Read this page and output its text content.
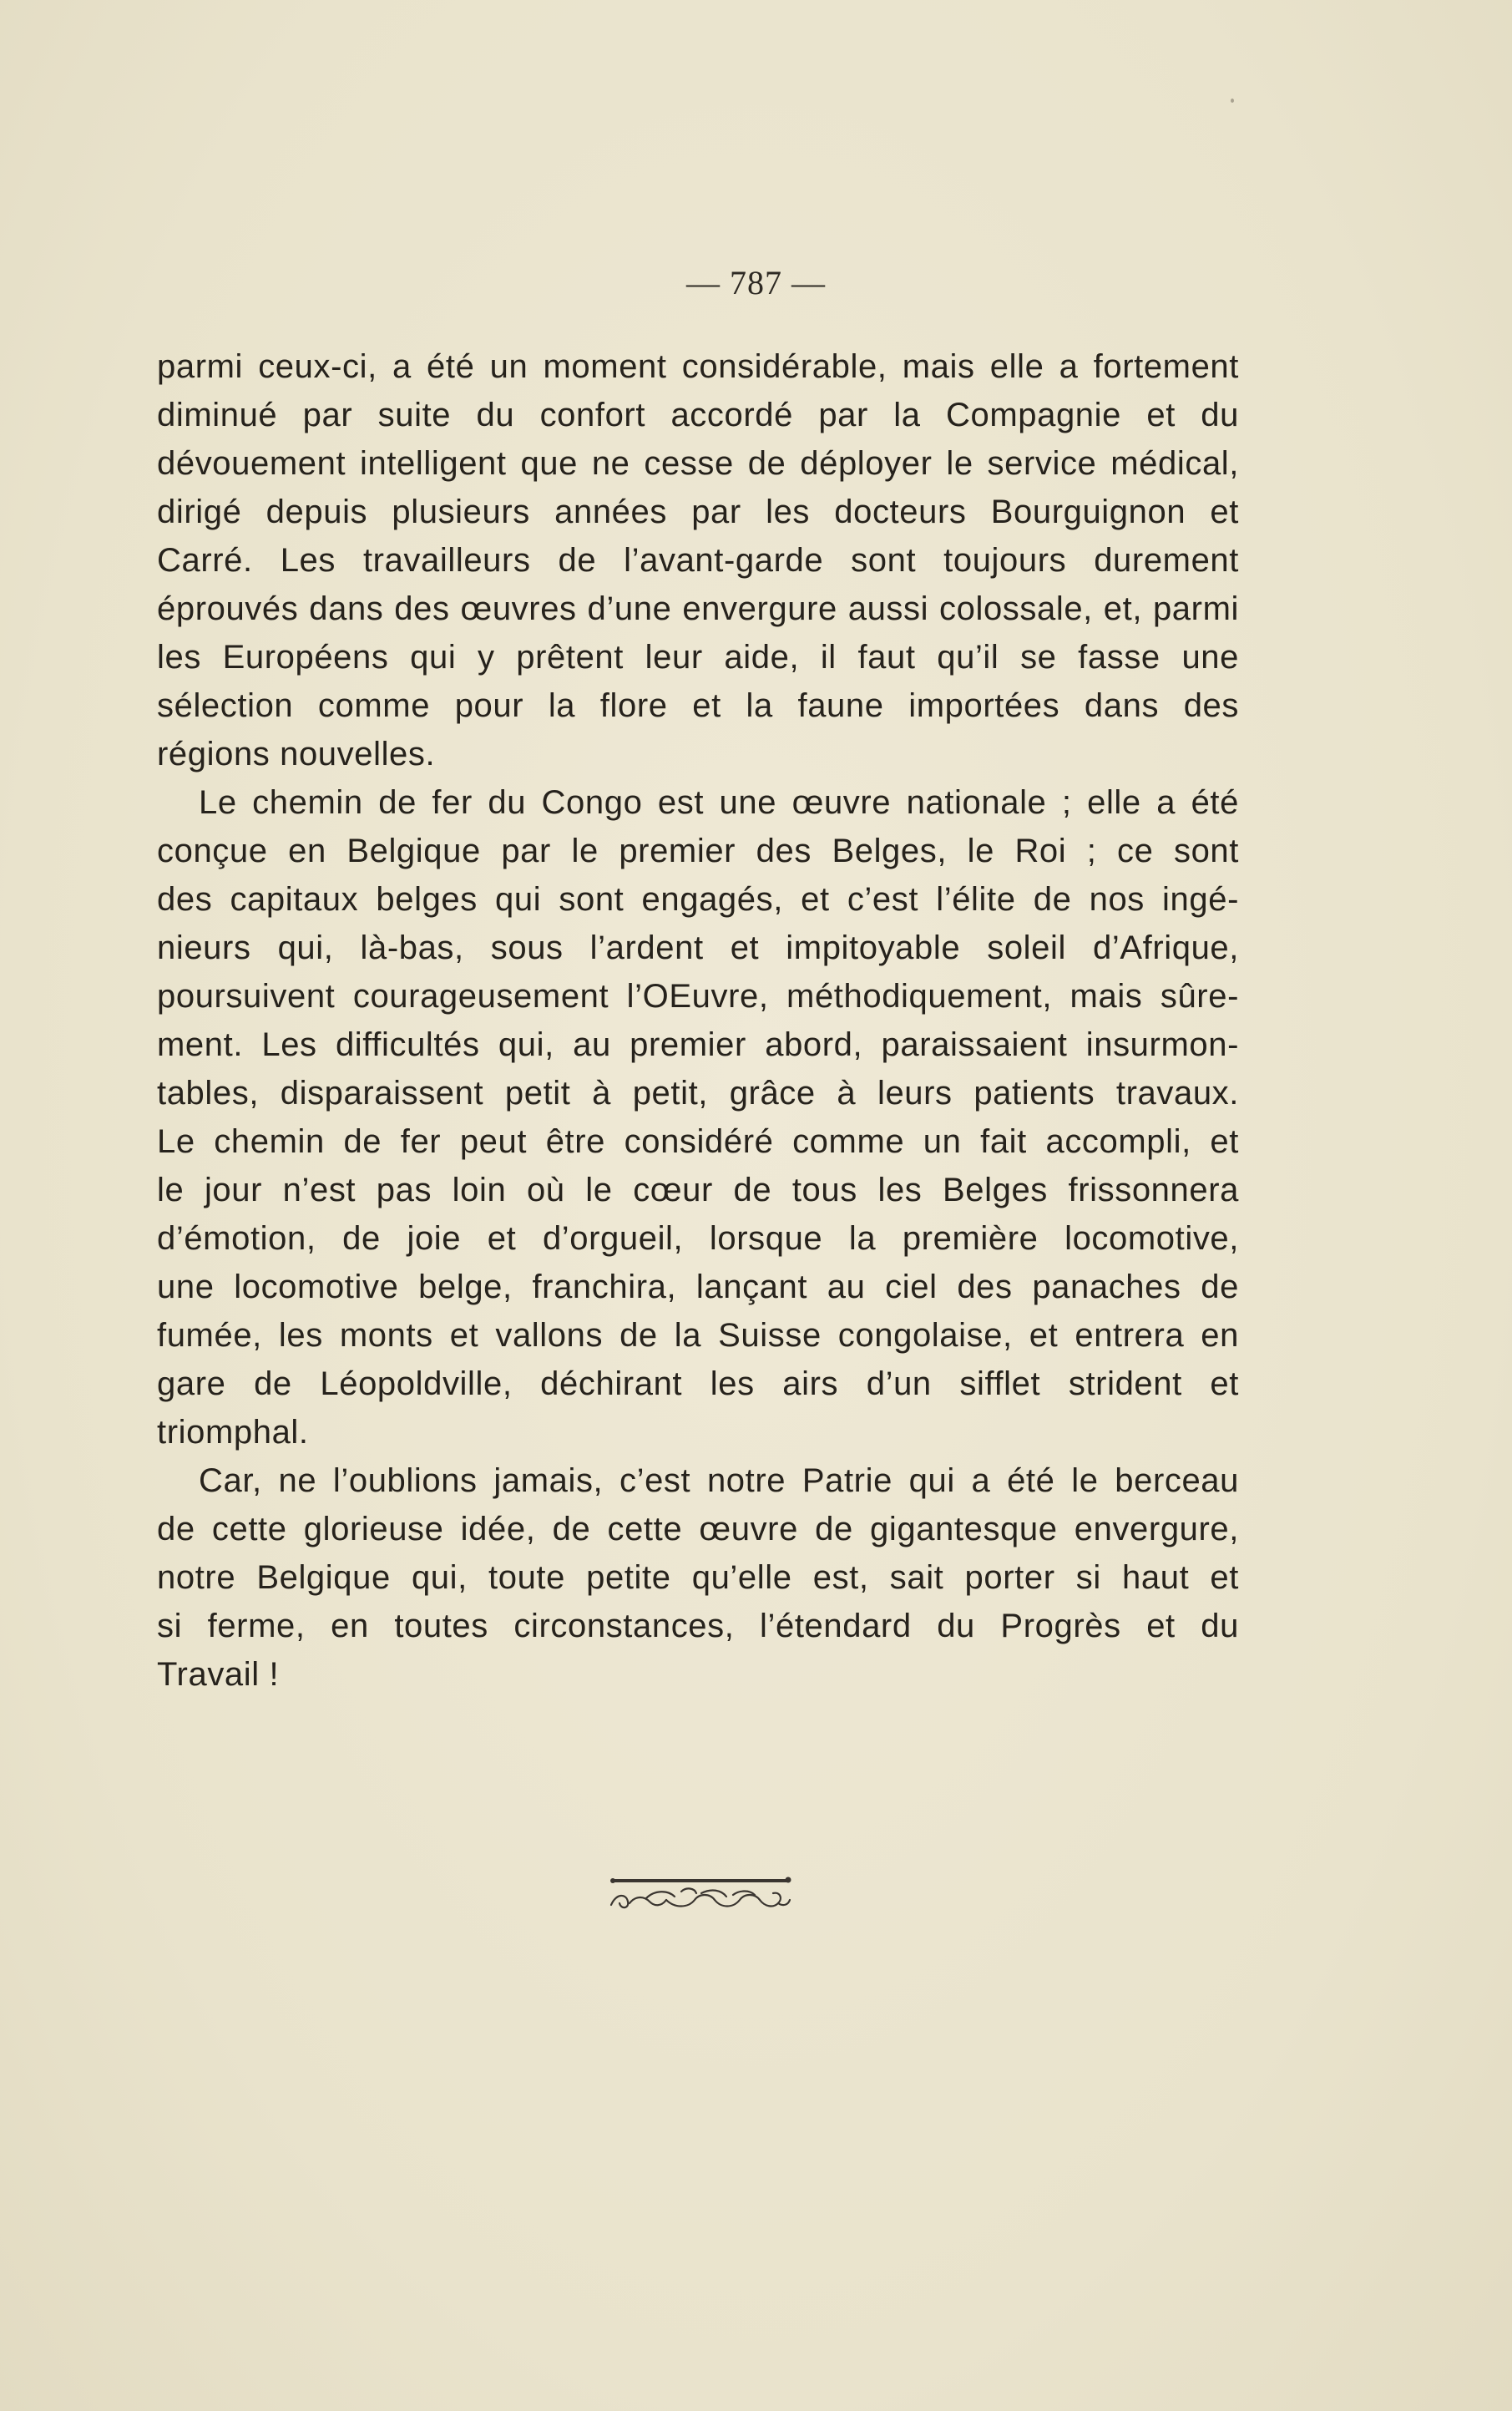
— 787 —
parmi ceux-ci, a été un moment considérable, mais elle a fortement
diminué par suite du confort accordé par la Compagnie et du
dévouement intelligent que ne cesse de déployer le service médical,
dirigé depuis plusieurs années par les docteurs Bourguignon et
Carré. Les travailleurs de l’avant-garde sont toujours durement
éprouvés dans des œuvres d’une envergure aussi colossale, et, parmi
les Européens qui y prêtent leur aide, il faut qu’il se fasse une
sélection comme pour la flore et la faune importées dans des
régions nouvelles.
Le chemin de fer du Congo est une œuvre nationale ; elle a été
conçue en Belgique par le premier des Belges, le Roi ; ce sont
des capitaux belges qui sont engagés, et c’est l’élite de nos ingé-
nieurs qui, là-bas, sous l’ardent et impitoyable soleil d’Afrique,
poursuivent courageusement l’OEuvre, méthodiquement, mais sûre-
ment. Les difficultés qui, au premier abord, paraissaient insurmon-
tables, disparaissent petit à petit, grâce à leurs patients travaux.
Le chemin de fer peut être considéré comme un fait accompli, et
le jour n’est pas loin où le cœur de tous les Belges frissonnera
d’émotion, de joie et d’orgueil, lorsque la première locomotive,
une locomotive belge, franchira, lançant au ciel des panaches de
fumée, les monts et vallons de la Suisse congolaise, et entrera en
gare de Léopoldville, déchirant les airs d’un sifflet strident et
triomphal.
Car, ne l’oublions jamais, c’est notre Patrie qui a été le berceau
de cette glorieuse idée, de cette œuvre de gigantesque envergure,
notre Belgique qui, toute petite qu’elle est, sait porter si haut et
si ferme, en toutes circonstances, l’étendard du Progrès et du
Travail !
